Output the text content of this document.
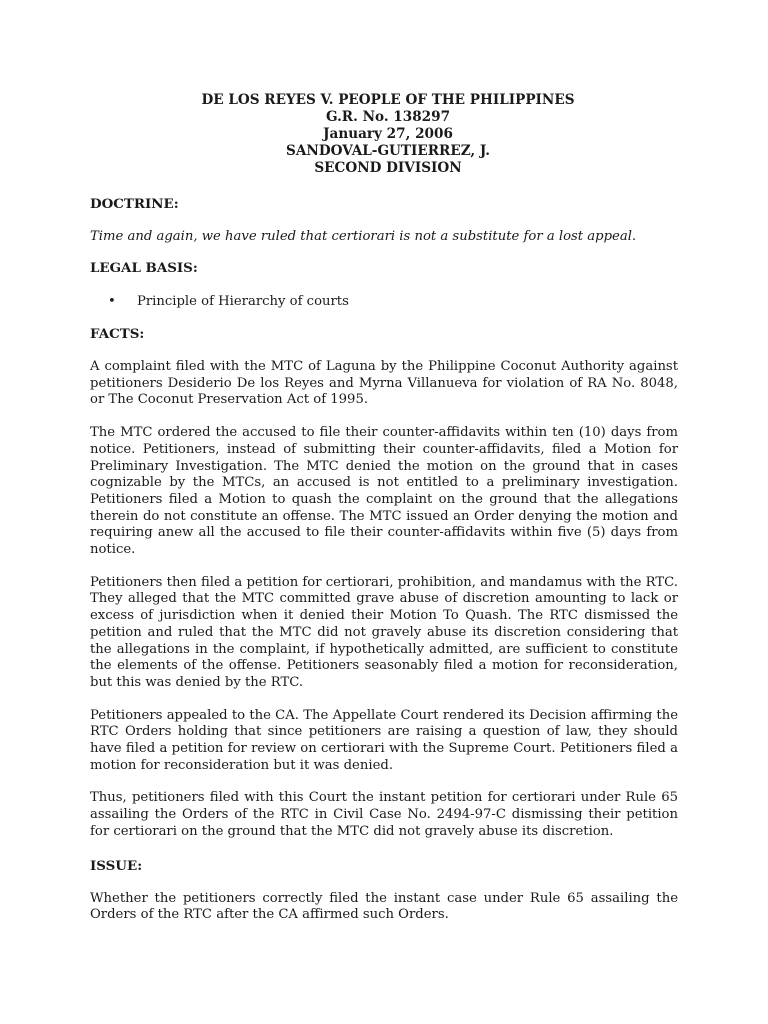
DE LOS REYES V. PEOPLE OF THE PHILIPPINES
G.R. No. 138297
January 27, 2006
SANDOVAL-GUTIERREZ, J.
SECOND DIVISION
DOCTRINE:

Time and again, we have ruled that certiorari is not a substitute for a lost appeal.

LEGAL BASIS:
• Principle of Hierarchy of courts
FACTS:

A complaint filed with the MTC of Laguna by the Philippine Coconut Authority against petitioners Desiderio De los Reyes and Myrna Villanueva for violation of RA No. 8048, or The Coconut Preservation Act of 1995.

The MTC ordered the accused to file their counter-affidavits within ten (10) days from notice. Petitioners, instead of submitting their counter-affidavits, filed a Motion for Preliminary Investigation. The MTC denied the motion on the ground that in cases cognizable by the MTCs, an accused is not entitled to a preliminary investigation. Petitioners filed a Motion to quash the complaint on the ground that the allegations therein do not constitute an offense. The MTC issued an Order denying the motion and requiring anew all the accused to file their counter-affidavits within five (5) days from notice.

Petitioners then filed a petition for certiorari, prohibition, and mandamus with the RTC. They alleged that the MTC committed grave abuse of discretion amounting to lack or excess of jurisdiction when it denied their Motion To Quash. The RTC dismissed the petition and ruled that the MTC did not gravely abuse its discretion considering that the allegations in the complaint, if hypothetically admitted, are sufficient to constitute the elements of the offense. Petitioners seasonably filed a motion for reconsideration, but this was denied by the RTC.

Petitioners appealed to the CA. The Appellate Court rendered its Decision affirming the RTC Orders holding that since petitioners are raising a question of law, they should have filed a petition for review on certiorari with the Supreme Court. Petitioners filed a motion for reconsideration but it was denied.

Thus, petitioners filed with this Court the instant petition for certiorari under Rule 65 assailing the Orders of the RTC in Civil Case No. 2494-97-C dismissing their petition for certiorari on the ground that the MTC did not gravely abuse its discretion.

ISSUE:

Whether the petitioners correctly filed the instant case under Rule 65 assailing the Orders of the RTC after the CA affirmed such Orders.
